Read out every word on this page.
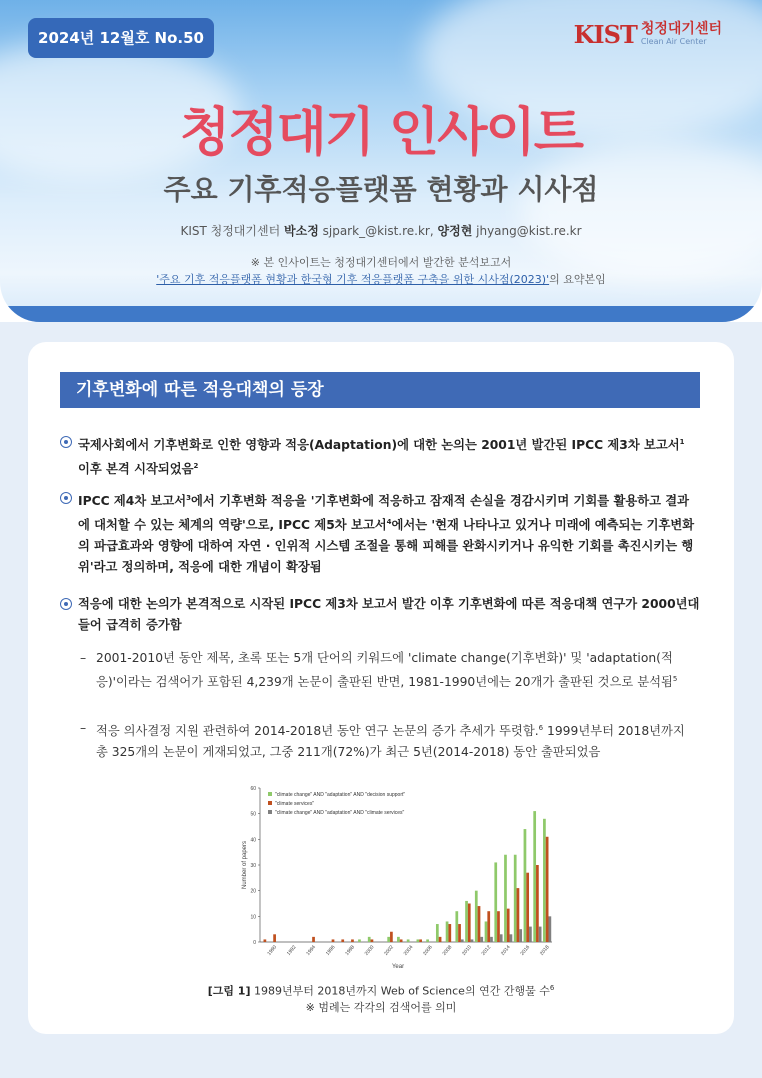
2024년 12월호 No.50	KIST 청정대기센터
Clean Air Center
청정대기 인사이트
주요 기후적응플랫폼 현황과 시사점
KIST 청정대기센터 박소정 sjpark_@kist.re.kr, 양정현 jhyang@kist.re.kr
※ 본 인사이트는 청정대기센터에서 발간한 분석보고서
'주요 기후 적응플랫폼 현황과 한국형 기후 적응플랫폼 구축을 위한 시사점(2023)'의 요약본임
기후변화에 따른 적응대책의 등장
국제사회에서 기후변화로 인한 영향과 적응(Adaptation)에 대한 논의는 2001년 발간된 IPCC 제3차 보고서$^1$ 이후 본격 시작되었음$^2$
IPCC 제4차 보고서$^3$에서 기후변화 적응을 '기후변화에 적응하고 잠재적 손실을 경감시키며 기회를 활용하고 결과에 대처할 수 있는 체계의 역량'으로, IPCC 제5차 보고서$^4$에서는 '현재 나타나고 있거나 미래에 예측되는 기후변화의 파급효과와 영향에 대하여 자연 · 인위적 시스템 조절을 통해 피해를 완화시키거나 유익한 기회를 촉진시키는 행위'라고 정의하며, 적응에 대한 개념이 확장됨
적응에 대한 논의가 본격적으로 시작된 IPCC 제3차 보고서 발간 이후 기후변화에 따른 적응대책 연구가 2000년대 들어 급격히 증가함
– 2001-2010년 동안 제목, 초록 또는 5개 단어의 키워드에 'climate change(기후변화)' 및 'adaptation(적응)'이라는 검색어가 포함된 4,239개 논문이 출판된 반면, 1981-1990년에는 20개가 출판된 것으로 분석됨$^5$
– 적응 의사결정 지원 관련하여 2014-2018년 동안 연구 논문의 증가 추세가 뚜렷함.$^6$ 1999년부터 2018년까지 총 325개의 논문이 게재되었고, 그중 211개(72%)가 최근 5년(2014-2018) 동안 출판되었음
0
10
20
30
40
50
60
Number of papers
1990 1992 1994 1996 1998 2000 2002 2004 2006 2008 2010 2012 2014 2016 2018
Year
"climate change" AND "adaptation" AND "decision support"
"climate services"
"climate change" AND "adaptation" AND "climate services"
[그림 1] 1989년부터 2018년까지 Web of Science의 연간 간행물 수$^6$
※ 범례는 각각의 검색어를 의미
